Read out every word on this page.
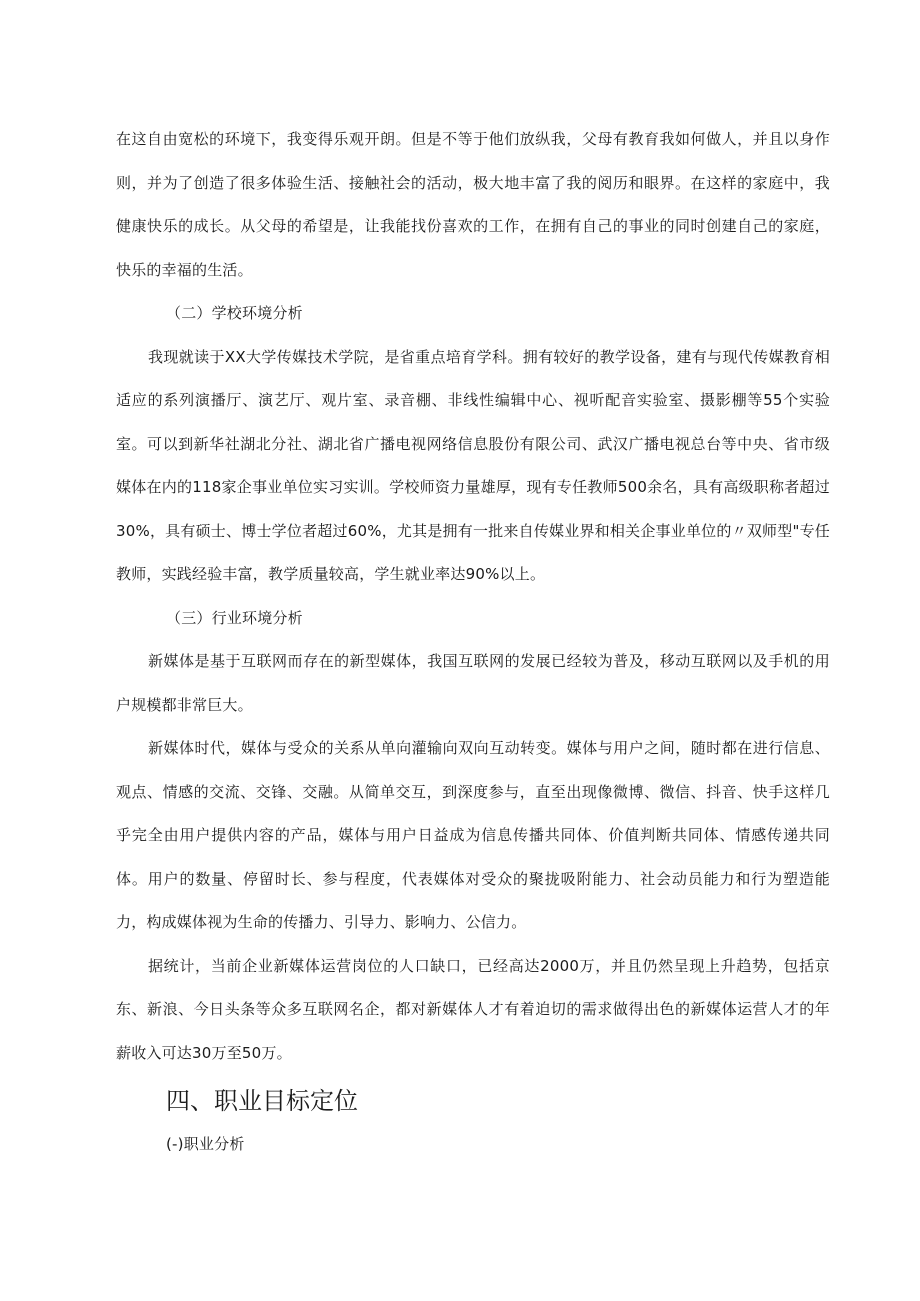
在这自由宽松的环境下，我变得乐观开朗。但是不等于他们放纵我，父母有教育我如何做人，并且以身作则，并为了创造了很多体验生活、接触社会的活动，极大地丰富了我的阅历和眼界。在这样的家庭中，我健康快乐的成长。从父母的希望是，让我能找份喜欢的工作，在拥有自己的事业的同时创建自己的家庭，快乐的幸福的生活。

（二）学校环境分析

我现就读于XX大学传媒技术学院，是省重点培育学科。拥有较好的教学设备，建有与现代传媒教育相适应的系列演播厅、演艺厅、观片室、录音棚、非线性编辑中心、视听配音实验室、摄影棚等55个实验室。可以到新华社湖北分社、湖北省广播电视网络信息股份有限公司、武汉广播电视总台等中央、省市级媒体在内的118家企事业单位实习实训。学校师资力量雄厚，现有专任教师500余名，具有高级职称者超过30%，具有硕士、博士学位者超过60%，尤其是拥有一批来自传媒业界和相关企事业单位的〃双师型"专任教师，实践经验丰富，教学质量较高，学生就业率达90%以上。

（三）行业环境分析

新媒体是基于互联网而存在的新型媒体，我国互联网的发展已经较为普及，移动互联网以及手机的用户规模都非常巨大。

新媒体时代，媒体与受众的关系从单向灌输向双向互动转变。媒体与用户之间，随时都在进行信息、观点、情感的交流、交锋、交融。从简单交互，到深度参与，直至出现像微博、微信、抖音、快手这样几乎完全由用户提供内容的产品，媒体与用户日益成为信息传播共同体、价值判断共同体、情感传递共同体。用户的数量、停留时长、参与程度，代表媒体对受众的聚拢吸附能力、社会动员能力和行为塑造能力，构成媒体视为生命的传播力、引导力、影响力、公信力。

据统计，当前企业新媒体运营岗位的人口缺口，已经高达2000万，并且仍然呈现上升趋势，包括京东、新浪、今日头条等众多互联网名企，都对新媒体人才有着迫切的需求做得出色的新媒体运营人才的年薪收入可达30万至50万。

四、职业目标定位

(-)职业分析
